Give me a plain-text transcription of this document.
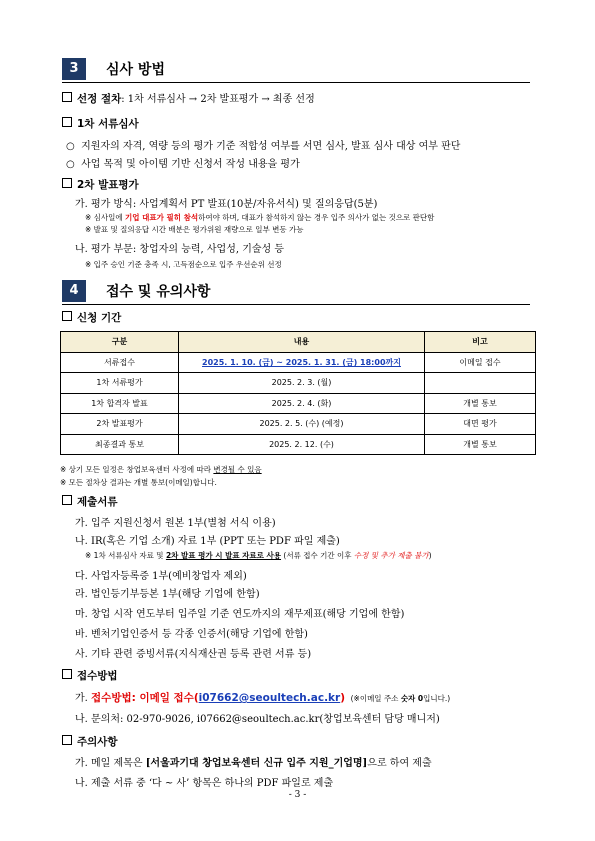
3	심사 방법
선정 절차: 1차 서류심사 → 2차 발표평가 → 최종 선정
1차 서류심사
○ 지원자의 자격, 역량 등의 평가 기준 적합성 여부를 서면 심사, 발표 심사 대상 여부 판단
○ 사업 목적 및 아이템 기반 신청서 작성 내용을 평가
2차 발표평가
가. 평가 방식: 사업계획서 PT 발표(10분/자유서식) 및 질의응답(5분)
※ 심사일에 기업 대표가 필히 참석하여야 하며, 대표가 참석하지 않는 경우 입주 의사가 없는 것으로 판단함
※ 발표 및 질의응답 시간 배분은 평가위원 재량으로 일부 변동 가능
나. 평가 부문: 창업자의 능력, 사업성, 기술성 등
※ 입주 승인 기준 충족 시, 고득점순으로 입주 우선순위 선정
4	접수 및 유의사항
신청 기간
구분	내용	비고
서류접수	2025. 1. 10. (금) ~ 2025. 1. 31. (금) 18:00까지	이메일 접수
1차 서류평가	2025. 2. 3. (월)	
1차 합격자 발표	2025. 2. 4. (화)	개별 통보
2차 발표평가	2025. 2. 5. (수) (예정)	대면 평가
최종결과 통보	2025. 2. 12. (수)	개별 통보
※ 상기 모든 일정은 창업보육센터 사정에 따라 변경될 수 있음
※ 모든 절차상 결과는 개별 통보(이메일)합니다.
제출서류
가. 입주 지원신청서 원본 1부(별첨 서식 이용)
나. IR(혹은 기업 소개) 자료 1부 (PPT 또는 PDF 파일 제출)
※ 1차 서류심사 자료 및 2차 발표 평가 시 발표 자료로 사용 (서류 접수 기간 이후 수정 및 추가 제출 불가)
다. 사업자등록증 1부(예비창업자 제외)
라. 법인등기부등본 1부(해당 기업에 한함)
마. 창업 시작 연도부터 입주일 기준 연도까지의 재무제표(해당 기업에 한함)
바. 벤처기업인증서 등 각종 인증서(해당 기업에 한함)
사. 기타 관련 증빙서류(지식재산권 등록 관련 서류 등)
접수방법
가. 접수방법: 이메일 접수(i07662@seoultech.ac.kr) (※이메일 주소 숫자 0입니다.)
나. 문의처: 02-970-9026, i07662@seoultech.ac.kr(창업보육센터 담당 매니저)
주의사항
가. 메일 제목은 [서울과기대 창업보육센터 신규 입주 지원_기업명]으로 하여 제출
나. 제출 서류 중 ‘다 ~ 사’ 항목은 하나의 PDF 파일로 제출
- 3 -
